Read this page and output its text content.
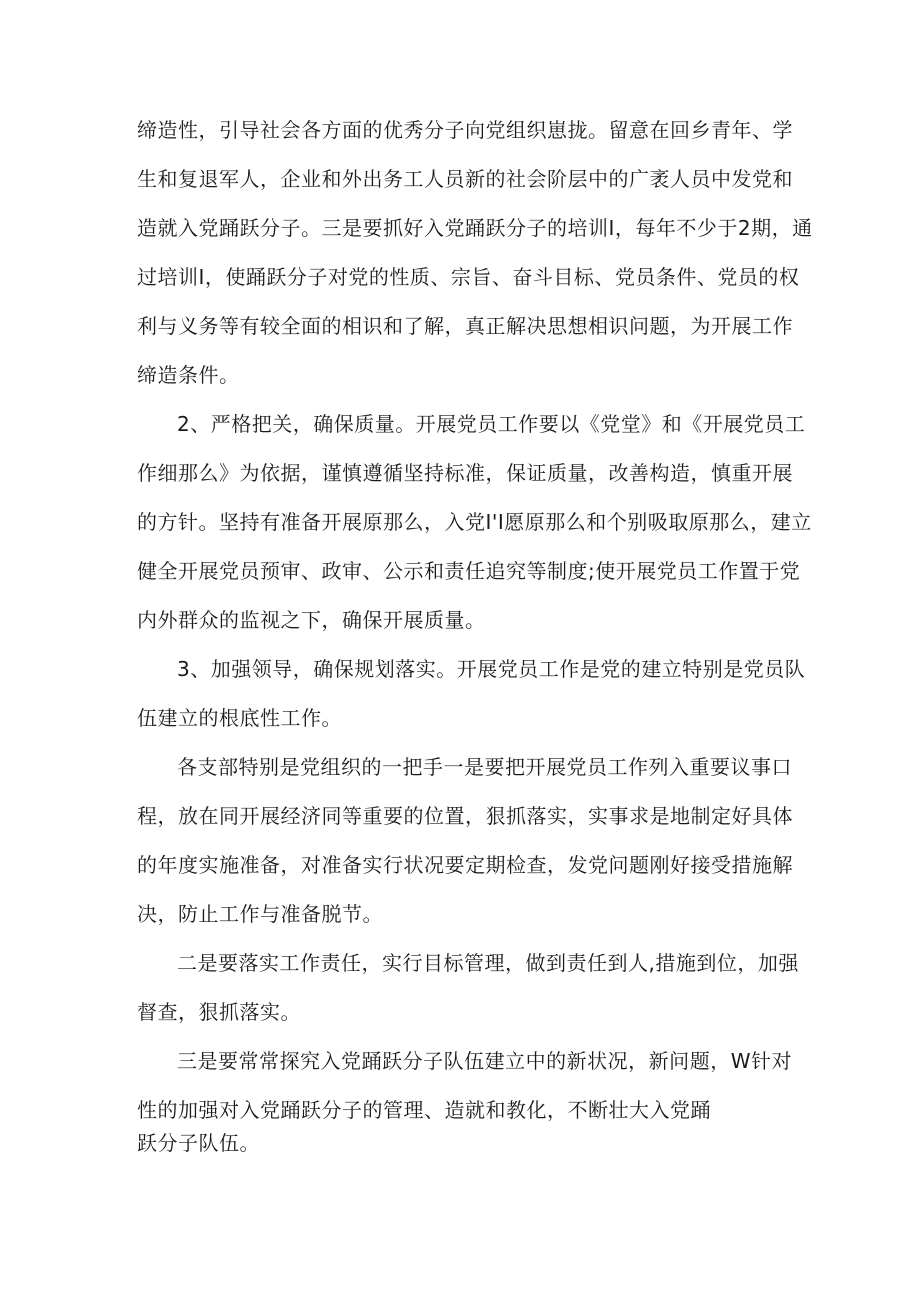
缔造性，引导社会各方面的优秀分子向党组织崽拢。留意在回乡青年、学
生和复退军人，企业和外出务工人员新的社会阶层中的广袤人员中发党和
造就入党踊跃分子。三是要抓好入党踊跃分子的培训I，每年不少于2期，通
过培训I，使踊跃分子对党的性质、宗旨、奋斗目标、党员条件、党员的权
利与义务等有较全面的相识和了解，真正解决思想相识问题，为开展工作
缔造条件。
2、严格把关，确保质量。开展党员工作要以《党堂》和《开展党员工
作细那么》为依据，谨慎遵循坚持标准，保证质量，改善构造，慎重开展
的方针。坚持有准备开展原那么，入党I'I愿原那么和个别吸取原那么，建立
健全开展党员预审、政审、公示和责任追究等制度;使开展党员工作置于党
内外群众的监视之下，确保开展质量。
3、加强领导，确保规划落实。开展党员工作是党的建立特别是党员队
伍建立的根底性工作。
各支部特别是党组织的一把手一是要把开展党员工作列入重要议事口
程，放在同开展经济同等重要的位置，狠抓落实，实事求是地制定好具体
的年度实施准备，对准备实行状况要定期检查，发党问题刚好接受措施解
决，防止工作与准备脱节。
二是要落实工作责任，实行目标管理，做到责任到人,措施到位，加强
督查，狠抓落实。
三是要常常探究入党踊跃分子队伍建立中的新状况，新问题，W针对
性的加强对入党踊跃分子的管理、造就和教化，不断壮大入党踊
跃分子队伍。
